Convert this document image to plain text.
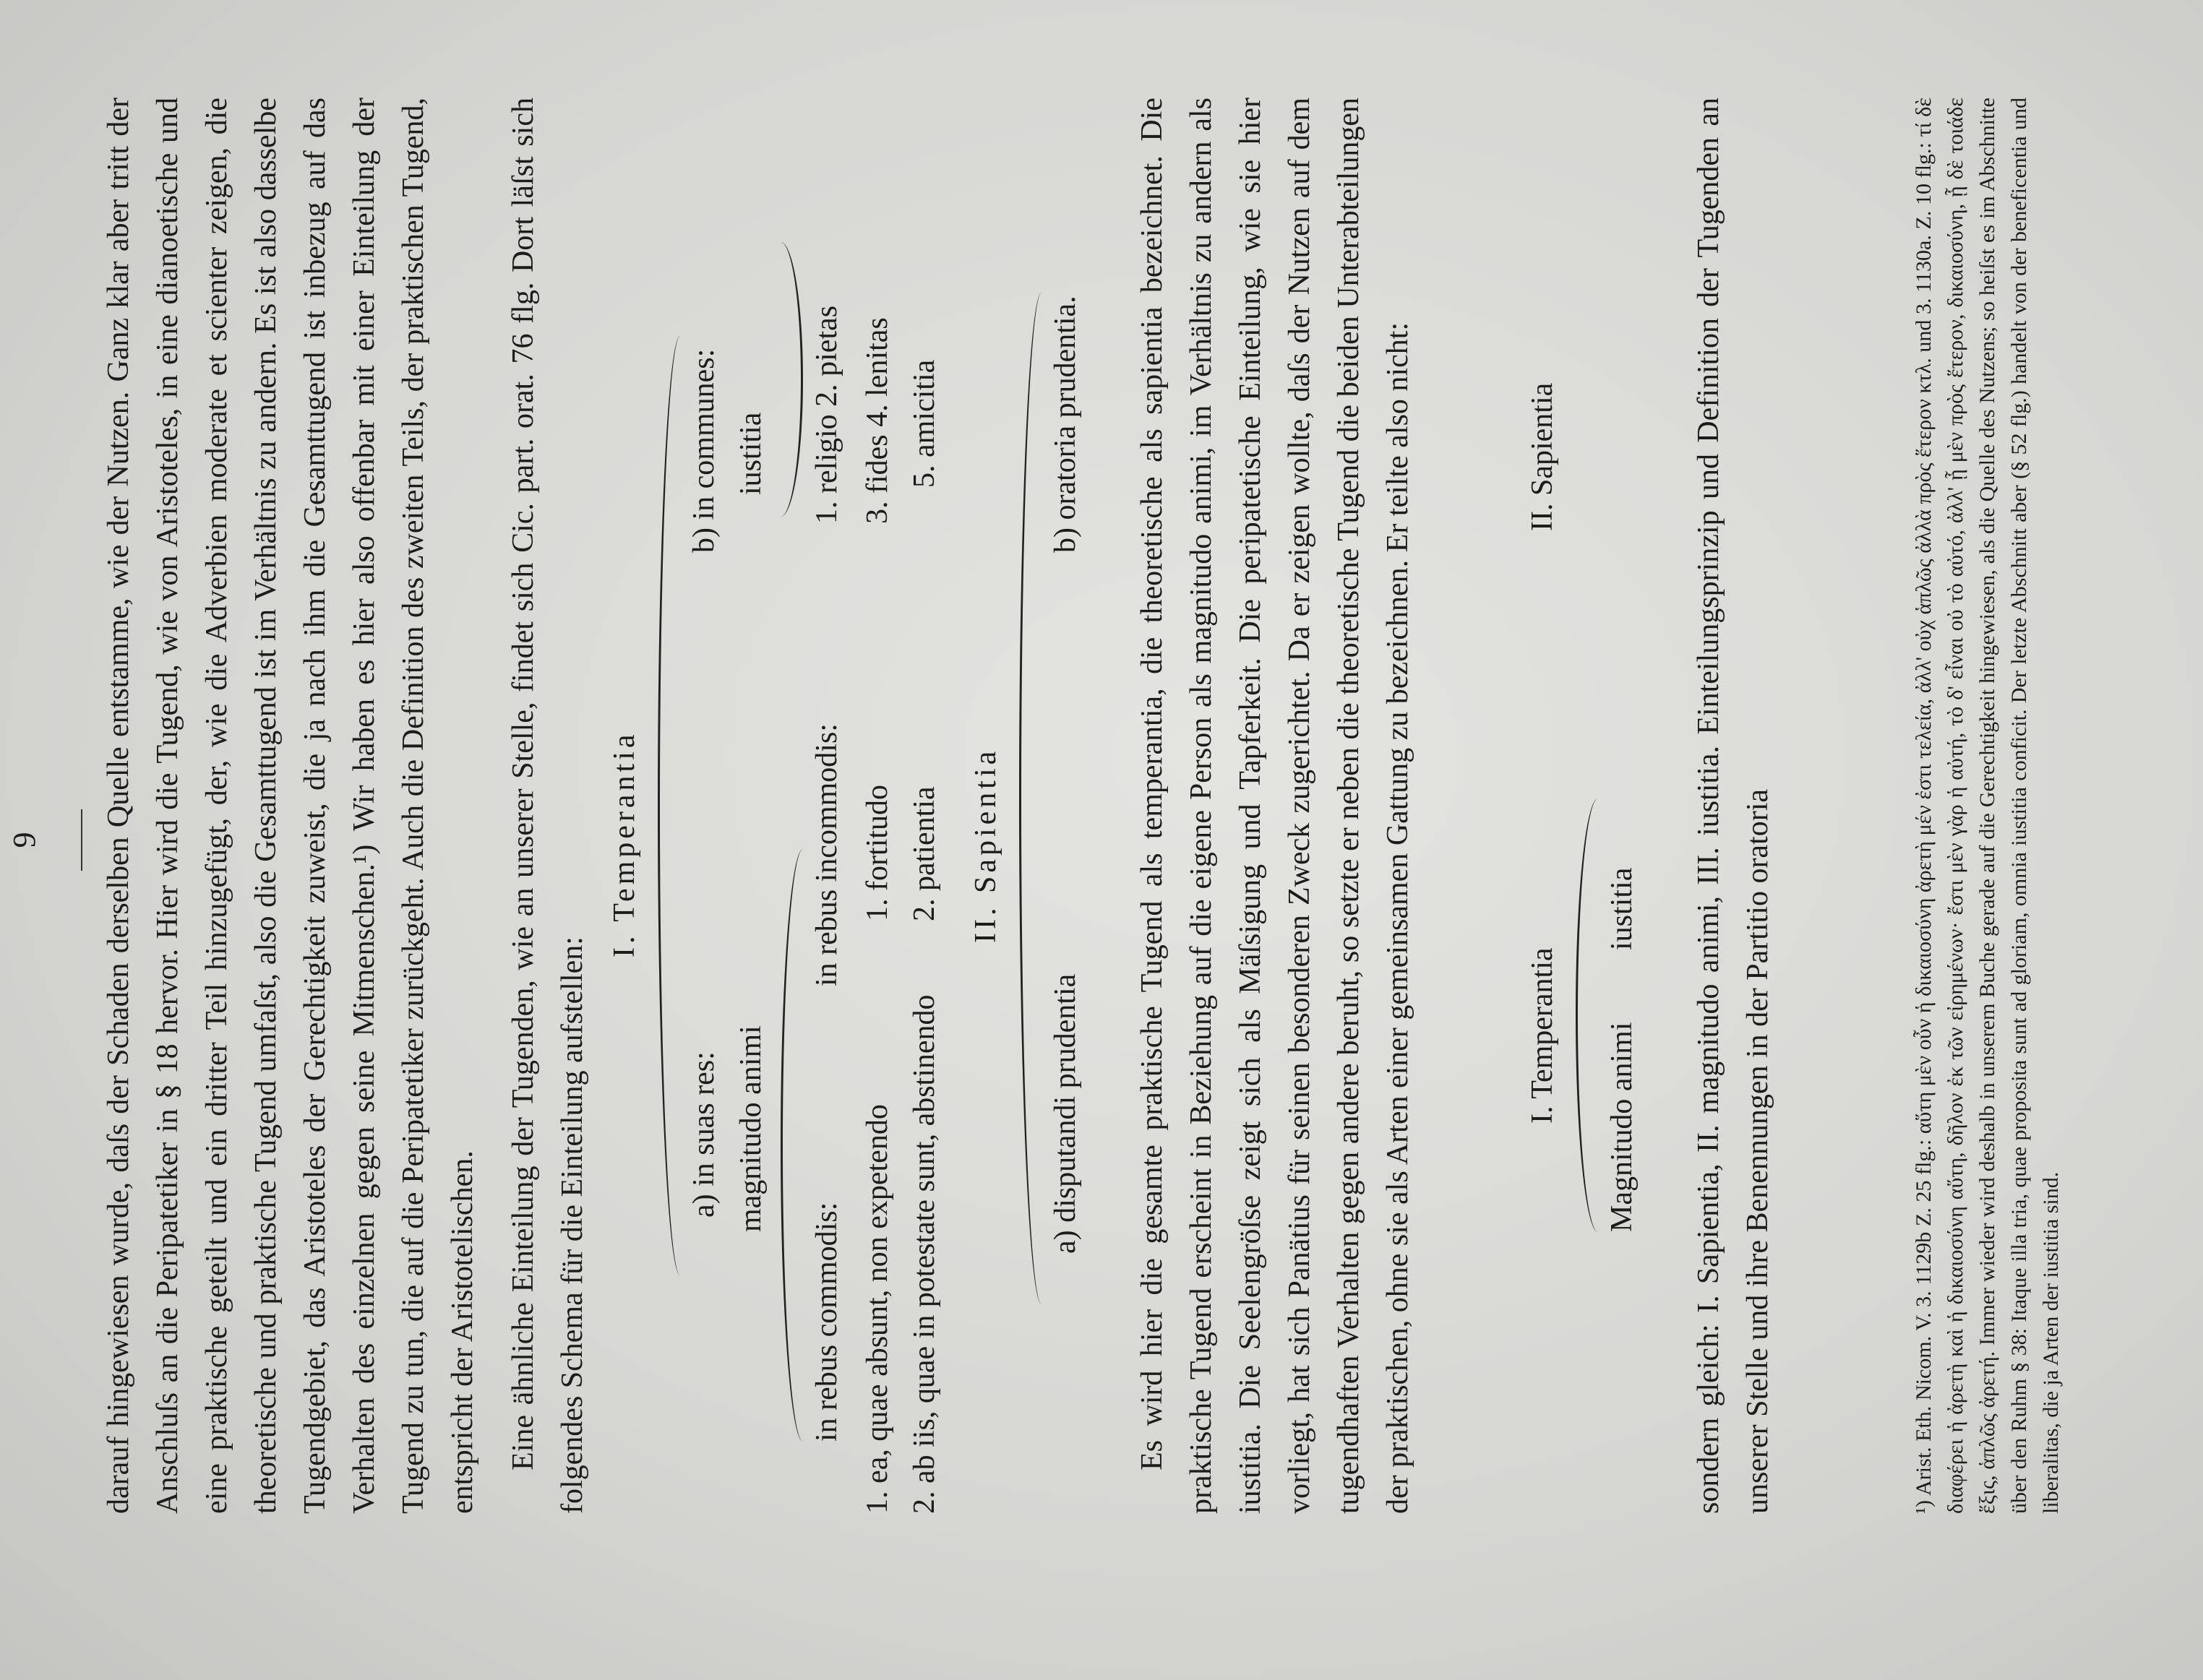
9 darauf hingewiesen wurde, daſs der Schaden derselben Quelle entstamme, wie der Nutzen. Ganz klar aber tritt der Anschluſs an die Peripatetiker in § 18 hervor. Hier wird die Tugend, wie von Aristoteles, in eine dianoetische und eine praktische geteilt und ein dritter Teil hinzugefügt, der, wie die Adverbien moderate et scienter zeigen, die theoretische und praktische Tugend umfaſst, also die Gesamttugend ist im Verhältnis zu andern. Es ist also dasselbe Tugendgebiet, das Aristoteles der Gerechtigkeit zuweist, die ja nach ihm die Gesamttugend ist inbezug auf das Verhalten des einzelnen gegen seine Mitmenschen.¹) Wir haben es hier also offenbar mit einer Einteilung der Tugend zu tun, die auf die Peripatetiker zurückgeht. Auch die Definition des zweiten Teils, der praktischen Tugend, entspricht der Aristotelischen. Eine ähnliche Einteilung der Tugenden, wie an unserer Stelle, findet sich Cic. part. orat. 76 flg. Dort läſst sich folgendes Schema für die Einteilung aufstellen:

I. Temperantia
a) in suas res:
b) in communes:
magnitudo animi
iustitia
in rebus commodis:
in rebus incommodis:
1. religio 2. pietas
1. ea, quae absunt, non expetendo
1. fortitudo
3. fides 4. lenitas
2. ab iis, quae in potestate sunt, abstinendo
2. patientia
5. amicitia
II. Sapientia
a) disputandi prudentia
b) oratoria prudentia. Es wird hier die gesamte praktische Tugend als temperantia, die theoretische als sapientia bezeichnet. Die praktische Tugend erscheint in Beziehung auf die eigene Person als magnitudo animi, im Verhältnis zu andern als iustitia. Die Seelengröſse zeigt sich als Mäſsigung und Tapferkeit. Die peripatetische Einteilung, wie sie hier vorliegt, hat sich Panätius für seinen besonderen Zweck zugerichtet. Da er zeigen wollte, daſs der Nutzen auf dem tugendhaften Verhalten gegen andere beruht, so setzte er neben die theoretische Tugend die beiden Unterabteilungen der praktischen, ohne sie als Arten einer gemeinsamen Gattung zu bezeichnen. Er teilte also nicht:	I. Temperantia
II. Sapientia
Magnitudo animi
iustitia sondern gleich: I. Sapientia, II. magnitudo animi, III. iustitia. Einteilungsprinzip und Definition der Tugenden an unserer Stelle und ihre Benennungen in der Partitio oratoria	¹) Arist. Eth. Nicom. V. 3. 1129b Z. 25 flg.: αὕτη μὲν οὖν ἡ δικαιοσύνη ἀρετὴ μέν ἐστι τελεία, ἀλλ' οὐχ ἁπλῶς ἀλλὰ πρὸς ἕτερον κτλ. und 3. 1130a. Z. 10 flg.: τί δὲ διαφέρει ἡ ἀρετὴ καὶ ἡ δικαιοσύνη αὕτη, δῆλον ἐκ τῶν εἰρημένων· ἔστι μὲν γὰρ ἡ αὐτή, τὸ δ' εἶναι οὐ τὸ αὐτό, ἀλλ' ᾗ μὲν πρὸς ἕτερον, δικαιοσύνη, ᾗ δὲ τοιάδε ἕξις, ἁπλῶς ἀρετή. Immer wieder wird deshalb in unserem Buche gerade auf die Gerechtigkeit hingewiesen, als die Quelle des Nutzens; so heiſst es im Abschnitte über den Ruhm § 38: Itaque illa tria, quae proposita sunt ad gloriam, omnia iustitia conficit. Der letzte Abschnitt aber (§ 52 flg.) handelt von der beneficentia und liberalitas, die ja Arten der iustitia sind.
